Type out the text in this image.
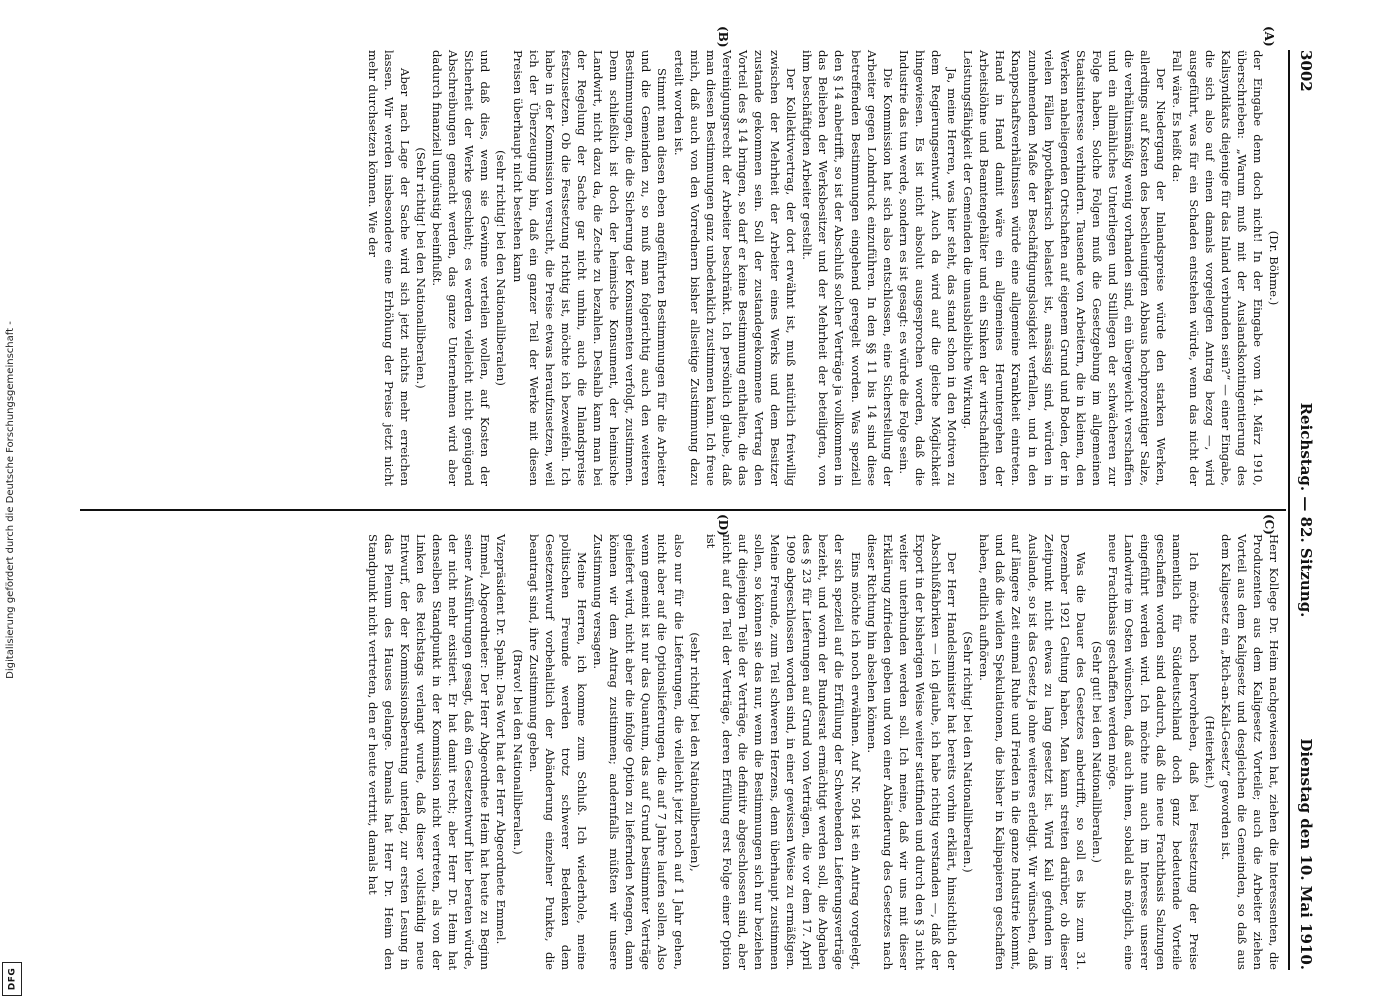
Digitalisierung gefördert durch die Deutsche Forschungsgemeinschaft -
DFG
3002
Reichstag. — 82. Sitzung.
Dienstag den 10. Mai 1910.

(Dr. Böhme.)

der Eingabe denn doch nicht! In der Eingabe vom 14. März 1910, überschrieben: „Warum muß mit der Auslandskontingentierung des Kalisyndikats diejenige für das Inland verbunden sein?“ — einer Eingabe, die sich also auf einen damals vorgelegten Antrag bezog —, wird ausgeführt, was für ein Schaden entstehen würde, wenn das nicht der Fall wäre. Es heißt da:

Der Niedergang der Inlandspreise würde den starken Werken, allerdings auf Kosten des beschleunigten Abbaus hochprozentiger Salze, die verhältnismäßig wenig vorhanden sind, ein übergewicht verschaffen und ein allmähliches Unterliegen und Stilllegen der schwächeren zur Folge haben. Solche Folgen muß die Gesetzgebung im allgemeinen Staatsinteresse verhindern. Tausende von Arbeitern, die in kleinen, den Werken naheliegenden Ortschaften auf eigenem Grund und Boden, der in vielen Fällen hypothekarisch belastet ist, ansässig sind, würden in zunehmendem Maße der Beschäftigungslosigkeit verfallen, und in den Knappschaftsverhältnissen würde eine allgemeine Krankheit eintreten. Hand in Hand damit wäre ein allgemeines Heruntergehen der Arbeitslöhne und Beamtengehälter und ein Sinken der wirtschaftlichen Leistungsfähigkeit der Gemeinden die unausbleibliche Wirkung.

Ja, meine Herren, was hier steht, das stand schon in den Motiven zu dem Regierungsentwurf. Auch da wird auf die gleiche Möglichkeit hingewiesen. Es ist nicht absolut ausgesprochen worden, daß die Industrie das tun werde, sondern es ist gesagt: es würde die Folge sein.

Die Kommission hat sich also entschlossen, eine Sicherstellung der Arbeiter gegen Lohndruck einzuführen. In den §§ 11 bis 14 sind diese betreffenden Bestimmungen eingehend geregelt worden. Was speziell den § 14 anbetrifft, so ist der Abschluß solcher Verträge ja vollkommen in das Belieben der Werksbesitzer und der Mehrheit der beteiligten, von ihm beschäftigten Arbeiter gestellt.

Der Kollektivvertrag, der dort erwähnt ist, muß natürlich freiwillig zwischen der Mehrheit der Arbeiter eines Werks und dem Besitzer zustande gekommen sein. Soll der zustandegekommene Vertrag den Vorteil des § 14 bringen, so darf er keine Bestimmung enthalten, die das Vereinigungsrecht der Arbeiter beschränkt. Ich persönlich glaube, daß man diesen Bestimmungen ganz unbedenklich zustimmen kann. Ich freue mich, daß auch von den Vorrednern bisher allseitige Zustimmung dazu erteilt worden ist.

Stimmt man diesen eben angeführten Bestimmungen für die Arbeiter und die Gemeinden zu, so muß man folgerichtig auch den weiteren Bestimmungen, die die Sicherung der Konsumenten verfolgt, zustimmen. Denn schließlich ist doch der heimische Konsument, der heimische Landwirt, nicht dazu da, die Zeche zu bezahlen. Deshalb kann man bei der Regelung der Sache gar nicht umhin, auch die Inlandspreise festzusetzen. Ob die Festsetzung richtig ist, möchte ich bezweifeln. Ich habe in der Kommission versucht, die Preise etwas heraufzusetzen, weil ich der Überzeugung bin, daß ein ganzer Teil der Werke mit diesen Preisen überhaupt nicht bestehen kann

(sehr richtig! bei den Nationalliberalen)

und daß dies, wenn sie Gewinne verteilen wollen, auf Kosten der Sicherheit der Werke geschieht; es werden vielleicht nicht genügend Abschreibungen gemacht werden, das ganze Unternehmen wird aber dadurch finanziell ungünstig beeinflußt.

(Sehr richtig! bei den Nationalliberalen.)

Aber nach Lage der Sache wird sich jetzt nichts mehr erreichen lassen. Wir werden insbesondere eine Erhöhung der Preise jetzt nicht mehr durchsetzen können. Wie der

Herr Kollege Dr. Heim nachgewiesen hat, ziehen die Interessenten, die Produzenten aus dem Kaligesetz Vorteile; auch die Arbeiter ziehen Vorteil aus dem Kaligesetz und desgleichen die Gemeinden, so daß aus dem Kaligesetz ein „Rich-an-Kali-Gesetz“ geworden ist.

(Heiterkeit.)

Ich möchte noch hervorheben, daß bei Festsetzung der Preise namentlich für Süddeutschland doch ganz bedeutende Vorteile geschaffen worden sind dadurch, daß die neue Frachtbasis Salzungen eingeführt werden wird. Ich möchte nun auch im Interesse unserer Landwirte im Osten wünschen, daß auch ihnen, sobald als möglich, eine neue Frachtbasis geschaffen werden möge.

(Sehr gut! bei den Nationalliberalen.)

Was die Dauer des Gesetzes anbetrifft, so soll es bis zum 31. Dezember 1921 Geltung haben. Man kann streiten darüber, ob dieser Zeitpunkt nicht etwas zu lang gesetzt ist. Wird Kali gefunden im Auslande, so ist das Gesetz ja ohne weiteres erledigt. Wir wünschen, daß auf längere Zeit einmal Ruhe und Frieden in die ganze Industrie kommt, und daß die wilden Spekulationen, die bisher in Kalipapieren geschaffen haben, endlich aufhören.

(Sehr richtig! bei den Nationalliberalen.)

Der Herr Handelsminister hat bereits vorhin erklärt, hinsichtlich der Abschlußfabriken — ich glaube, ich habe richtig verstanden —, daß der Export in der bisherigen Weise weiter stattfinden und durch den § 3 nicht weiter unterbunden werden soll. Ich meine, daß wir uns mit dieser Erklärung zufrieden geben und von einer Abänderung des Gesetzes nach dieser Richtung hin absehen können.

Eins möchte ich noch erwähnen. Auf Nr. 504 ist ein Antrag vorgelegt, der sich speziell auf die Erfüllung der Schwebenden Lieferungsverträge bezieht, und worin der Bundesrat ermächtigt werden soll, die Abgaben des § 23 für Lieferungen auf Grund von Verträgen, die vor dem 17. April 1909 abgeschlossen worden sind, in einer gewissen Weise zu ermäßigen. Meine Freunde, zum Teil schweren Herzens, denn überhaupt zustimmen sollen, so können sie das nur, wenn die Bestimmungen sich nur beziehen auf diejenigen Teile der Verträge, die definitiv abgeschlossen sind, aber nicht auf den Teil der Verträge, deren Erfüllung erst Folge einer Option ist

(sehr richtig! bei den Nationalliberalen),

also nur für die Lieferungen, die vielleicht jetzt noch auf 1 Jahr gehen, nicht aber auf die Optionslieferungen, die auf 7 Jahre laufen sollen. Also wenn gemeint ist nur das Quantum, das auf Grund bestimmter Verträge geliefert wird, nicht aber die infolge Option zu liefernden Mengen, dann können wir dem Antrag zustimmen; andernfalls müßten wir unsere Zustimmung versagen.

Meine Herren, ich komme zum Schluß. Ich wiederhole, meine politischen Freunde werden trotz schwerer Bedenken dem Gesetzentwurf vorbehaltlich der Abänderung einzelner Punkte, die beantragt sind, ihre Zustimmung geben.

(Bravo! bei den Nationalliberalen.)

Vizepräsident Dr. Spahn: Das Wort hat der Herr Abgeordnete Emmel.

Emmel, Abgeordneter: Der Herr Abgeordnete Heim hat heute zu Beginn seiner Ausführungen gesagt, daß ein Gesetzentwurf hier beraten würde, der nicht mehr existiert. Er hat damit recht; aber Herr Dr. Heim hat denselben Standpunkt in der Kommission nicht vertreten, als von der Linken des Reichstags verlangt wurde, daß dieser vollständig neue Entwurf, der der Kommissionsberatung unterlag, zur ersten Lesung in das Plenum des Hauses gelange. Damals hat Herr Dr. Heim den Standpunkt nicht vertreten, den er heute vertritt, damals hat

(A)
(B)
(C)
(D)
